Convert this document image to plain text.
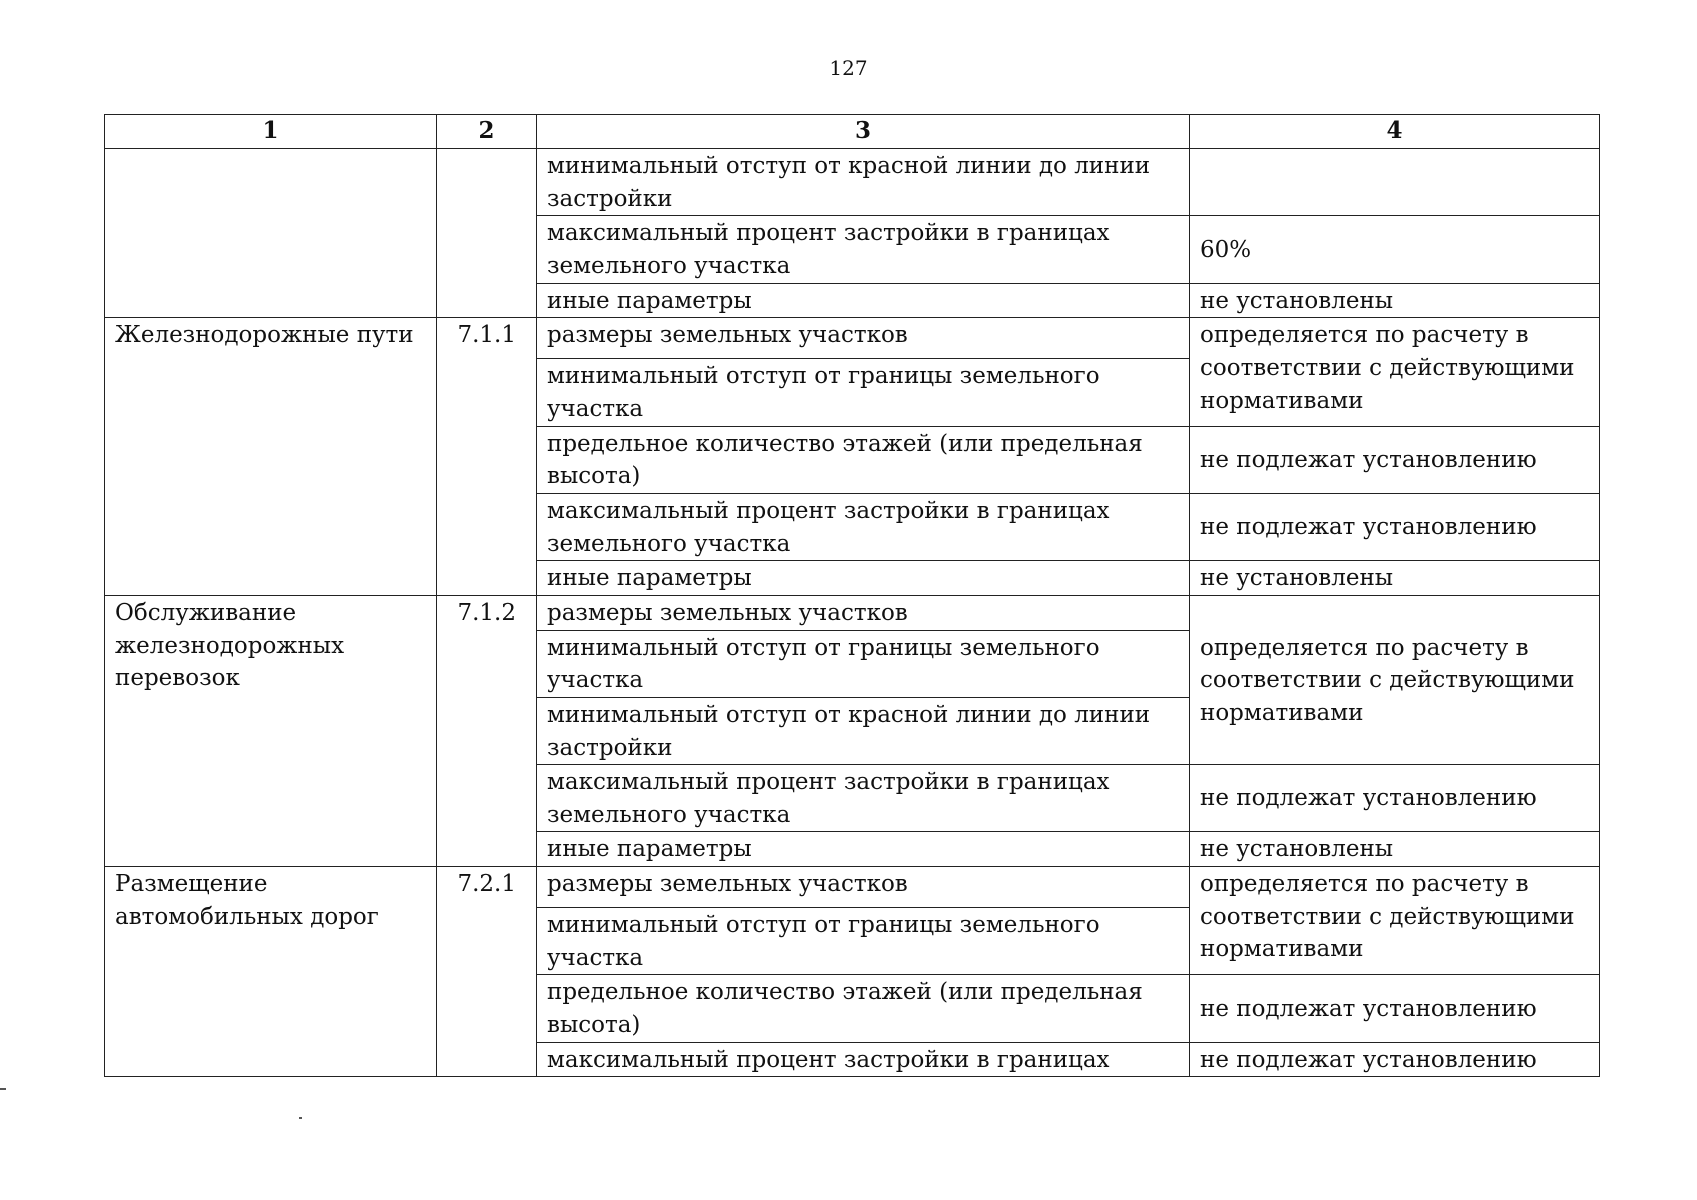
127
1	2	3	4
		минимальный отступ от красной линии до линии застройки	
		максимальный процент застройки в границах земельного участка	60%
		иные параметры	не установлены
Железнодорожные пути	7.1.1	размеры земельных участков	определяется по расчету в соответствии с действующими нормативами
		минимальный отступ от границы земельного участка	
		предельное количество этажей (или предельная высота)	не подлежат установлению
		максимальный процент застройки в границах земельного участка	не подлежат установлению
		иные параметры	не установлены
Обслуживание железнодорожных перевозок	7.1.2	размеры земельных участков	определяется по расчету в соответствии с действующими нормативами
		минимальный отступ от границы земельного участка	
		минимальный отступ от красной линии до линии застройки	
		максимальный процент застройки в границах земельного участка	не подлежат установлению
		иные параметры	не установлены
Размещение автомобильных дорог	7.2.1	размеры земельных участков	определяется по расчету в соответствии с действующими нормативами
		минимальный отступ от границы земельного участка	
		предельное количество этажей (или предельная высота)	не подлежат установлению
		максимальный процент застройки в границах	не подлежат установлению
